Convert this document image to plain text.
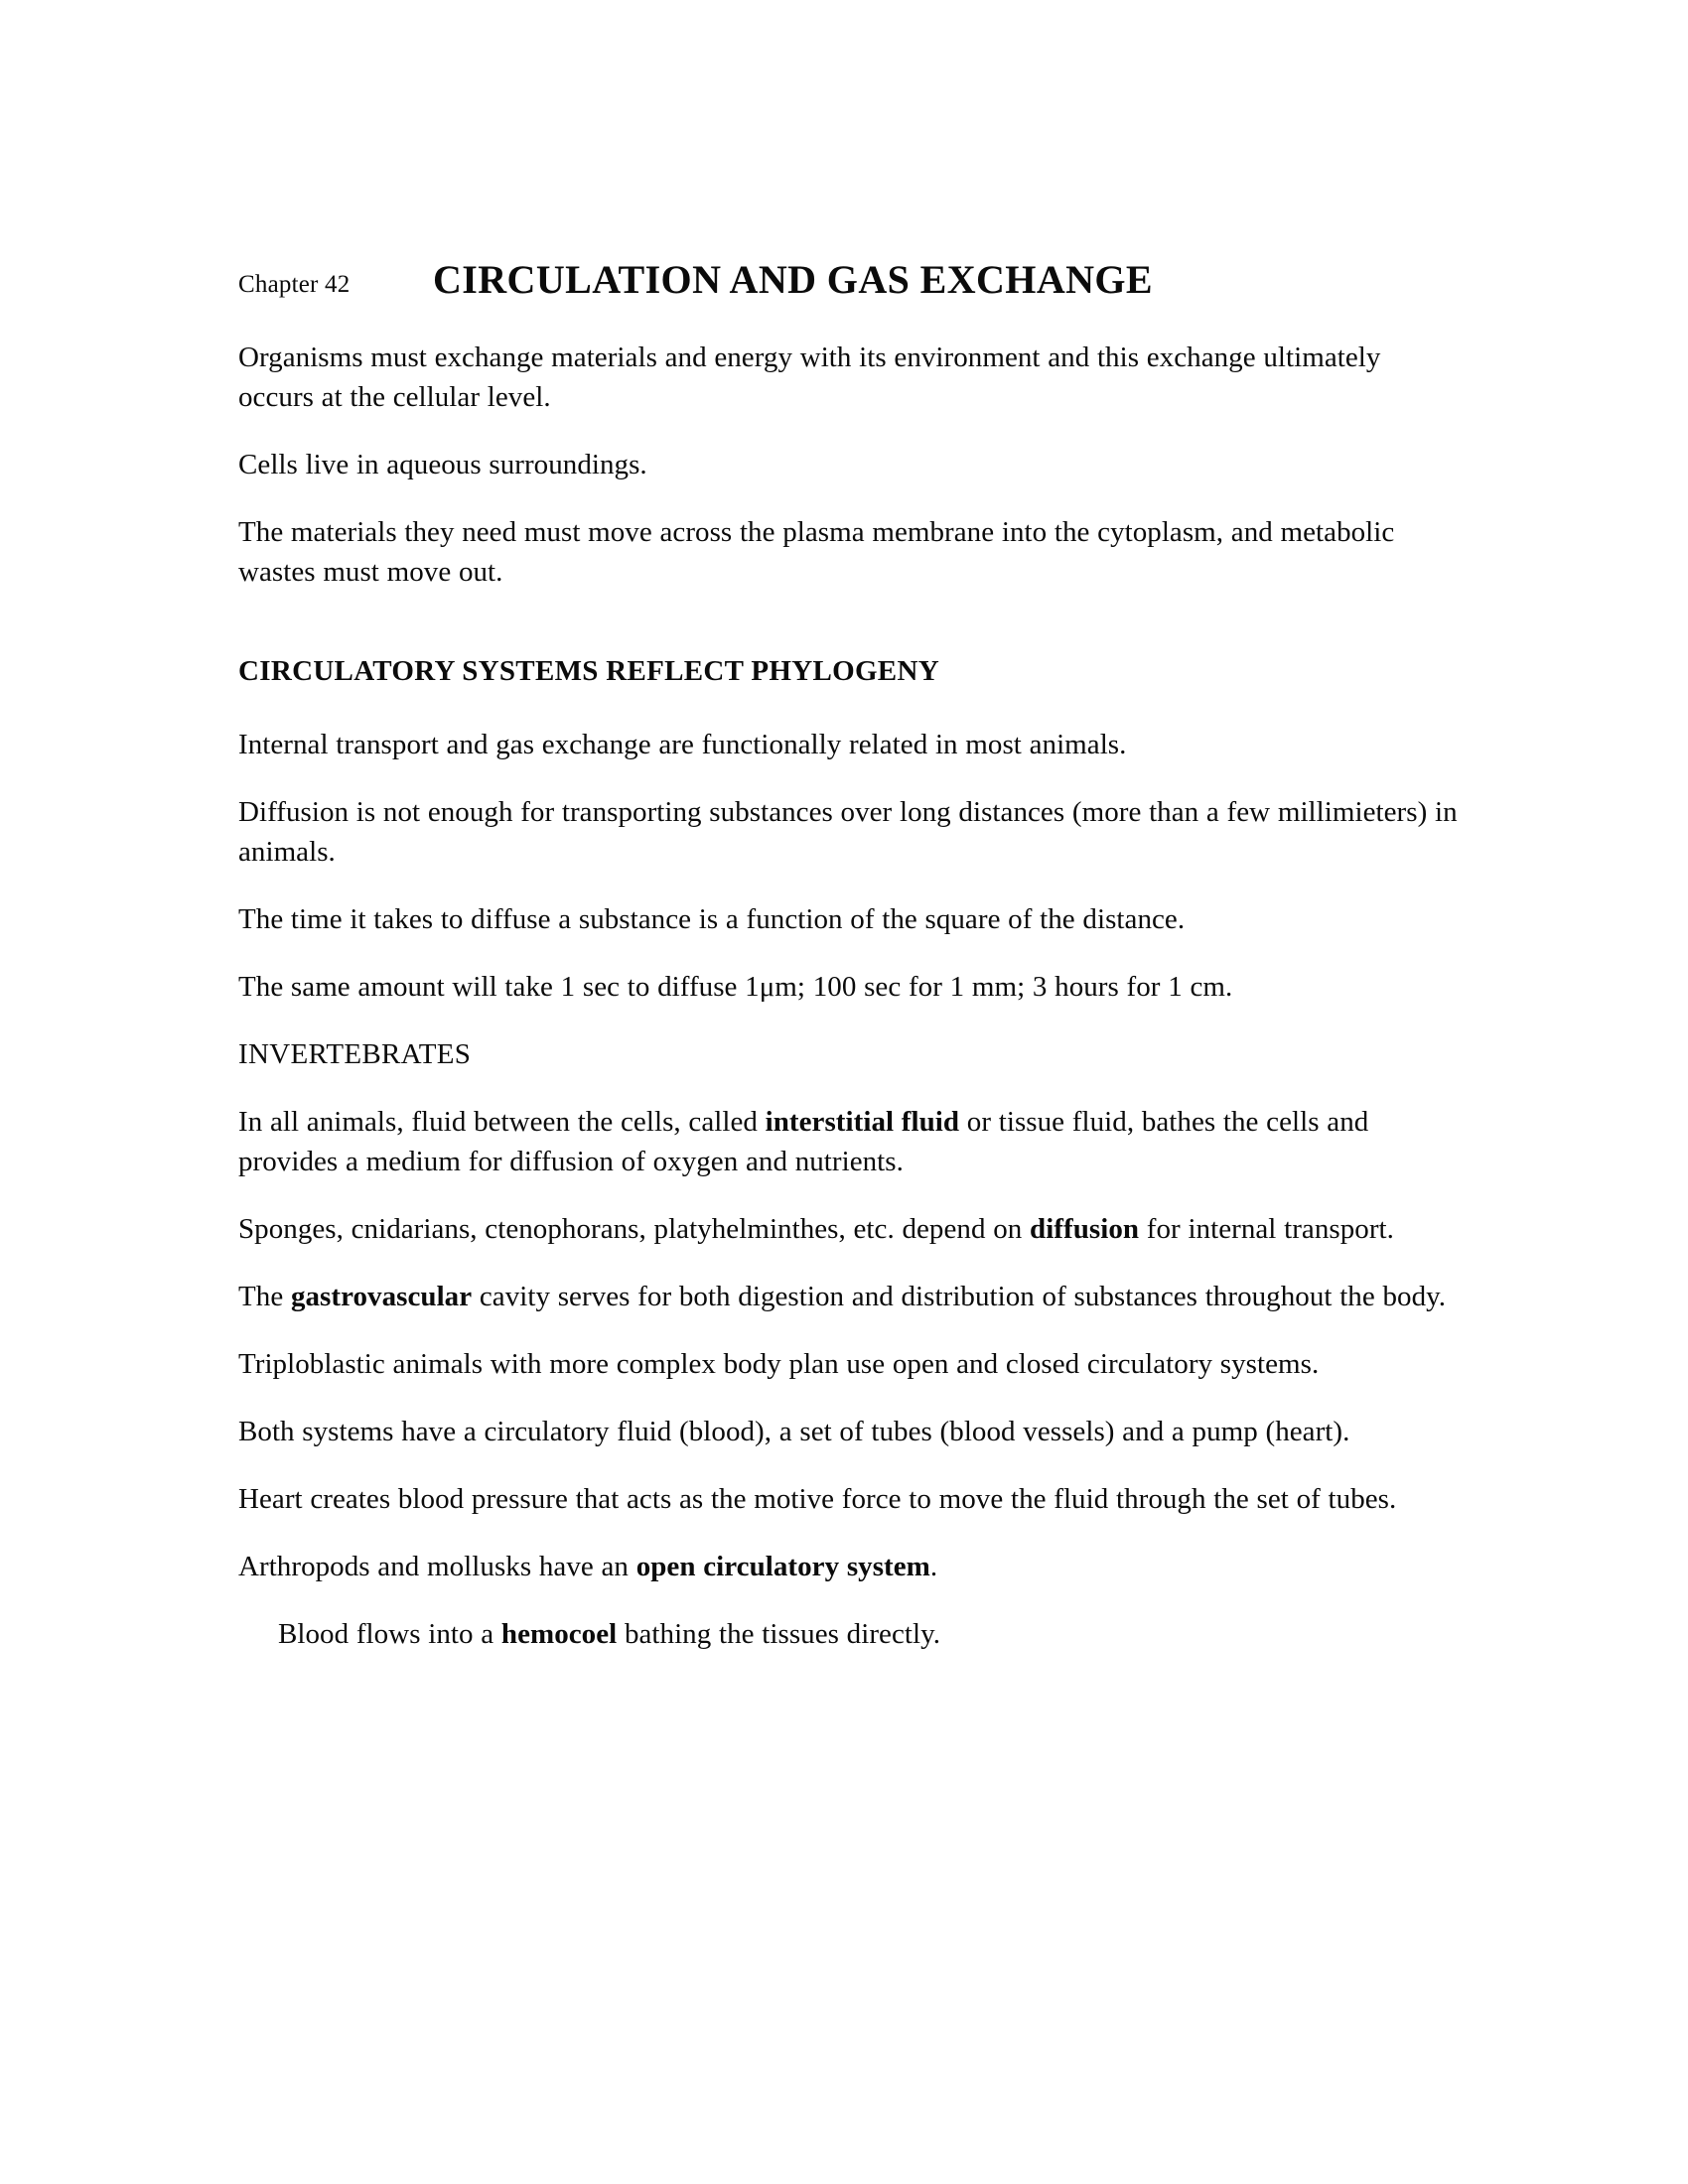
Chapter 42 CIRCULATION AND GAS EXCHANGE

Organisms must exchange materials and energy with its environment and this exchange ultimately occurs at the cellular level.

Cells live in aqueous surroundings.

The materials they need must move across the plasma membrane into the cytoplasm, and metabolic wastes must move out.

CIRCULATORY SYSTEMS REFLECT PHYLOGENY

Internal transport and gas exchange are functionally related in most animals.

Diffusion is not enough for transporting substances over long distances (more than a few millimieters) in animals.

The time it takes to diffuse a substance is a function of the square of the distance.

The same amount will take 1 sec to diffuse 1μm; 100 sec for 1 mm; 3 hours for 1 cm.

INVERTEBRATES

In all animals, fluid between the cells, called interstitial fluid or tissue fluid, bathes the cells and provides a medium for diffusion of oxygen and nutrients.

Sponges, cnidarians, ctenophorans, platyhelminthes, etc. depend on diffusion for internal transport.

The gastrovascular cavity serves for both digestion and distribution of substances throughout the body.

Triploblastic animals with more complex body plan use open and closed circulatory systems.

Both systems have a circulatory fluid (blood), a set of tubes (blood vessels) and a pump (heart).

Heart creates blood pressure that acts as the motive force to move the fluid through the set of tubes.

Arthropods and mollusks have an open circulatory system.

Blood flows into a hemocoel bathing the tissues directly.
